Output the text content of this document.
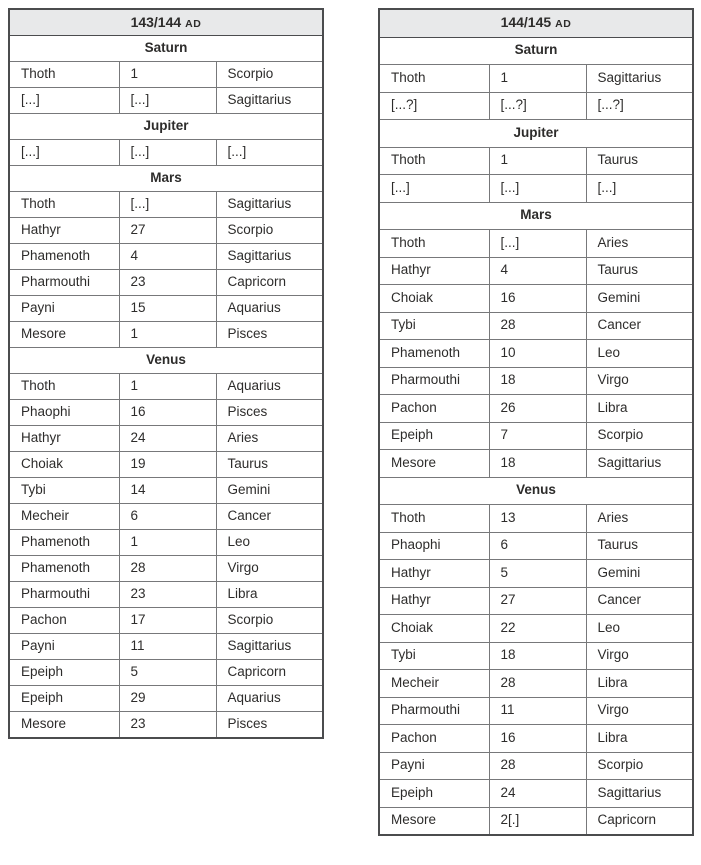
143/144 AD		
Saturn		
Thoth	1	Scorpio
[...]	[...]	Sagittarius
Jupiter		
[...]	[...]	[...]
Mars		
Thoth	[...]	Sagittarius
Hathyr	27	Scorpio
Phamenoth	4	Sagittarius
Pharmouthi	23	Capricorn
Payni	15	Aquarius
Mesore	1	Pisces
Venus		
Thoth	1	Aquarius
Phaophi	16	Pisces
Hathyr	24	Aries
Choiak	19	Taurus
Tybi	14	Gemini
Mecheir	6	Cancer
Phamenoth	1	Leo
Phamenoth	28	Virgo
Pharmouthi	23	Libra
Pachon	17	Scorpio
Payni	11	Sagittarius
Epeiph	5	Capricorn
Epeiph	29	Aquarius
Mesore	23	Pisces
144/145 AD		
Saturn		
Thoth	1	Sagittarius
[...?]	[...?]	[...?]
Jupiter		
Thoth	1	Taurus
[...]	[...]	[...]
Mars		
Thoth	[...]	Aries
Hathyr	4	Taurus
Choiak	16	Gemini
Tybi	28	Cancer
Phamenoth	10	Leo
Pharmouthi	18	Virgo
Pachon	26	Libra
Epeiph	7	Scorpio
Mesore	18	Sagittarius
Venus		
Thoth	13	Aries
Phaophi	6	Taurus
Hathyr	5	Gemini
Hathyr	27	Cancer
Choiak	22	Leo
Tybi	18	Virgo
Mecheir	28	Libra
Pharmouthi	11	Virgo
Pachon	16	Libra
Payni	28	Scorpio
Epeiph	24	Sagittarius
Mesore	2[.]	Capricorn
